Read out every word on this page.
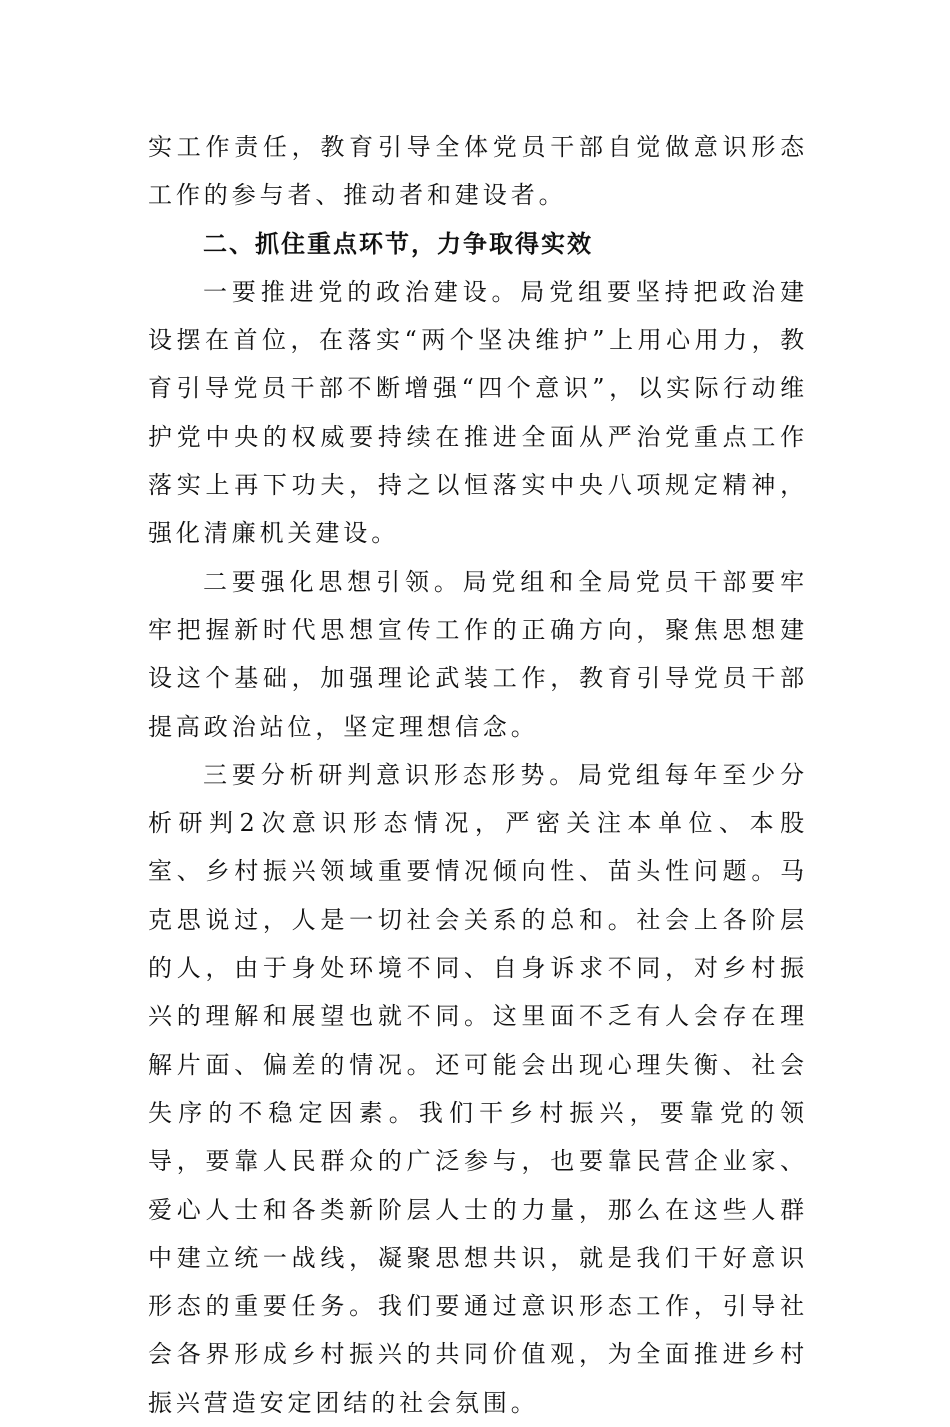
实工作责任，教育引导全体党员干部自觉做意识形态工作的参与者、推动者和建设者。

二、抓住重点环节，力争取得实效

一要推进党的政治建设。局党组要坚持把政治建设摆在首位，在落实“两个坚决维护”上用心用力，教育引导党员干部不断增强“四个意识”，以实际行动维护党中央的权威要持续在推进全面从严治党重点工作落实上再下功夫，持之以恒落实中央八项规定精神，强化清廉机关建设。

二要强化思想引领。局党组和全局党员干部要牢牢把握新时代思想宣传工作的正确方向，聚焦思想建设这个基础，加强理论武装工作，教育引导党员干部提高政治站位，坚定理想信念。

三要分析研判意识形态形势。局党组每年至少分析研判2次意识形态情况，严密关注本单位、本股室、乡村振兴领域重要情况倾向性、苗头性问题。马克思说过，人是一切社会关系的总和。社会上各阶层的人，由于身处环境不同、自身诉求不同，对乡村振兴的理解和展望也就不同。这里面不乏有人会存在理解片面、偏差的情况。还可能会出现心理失衡、社会失序的不稳定因素。我们干乡村振兴，要靠党的领导，要靠人民群众的广泛参与，也要靠民营企业家、爱心人士和各类新阶层人士的力量，那么在这些人群中建立统一战线，凝聚思想共识，就是我们干好意识形态的重要任务。我们要通过意识形态工作，引导社会各界形成乡村振兴的共同价值观，为全面推进乡村振兴营造安定团结的社会氛围。
